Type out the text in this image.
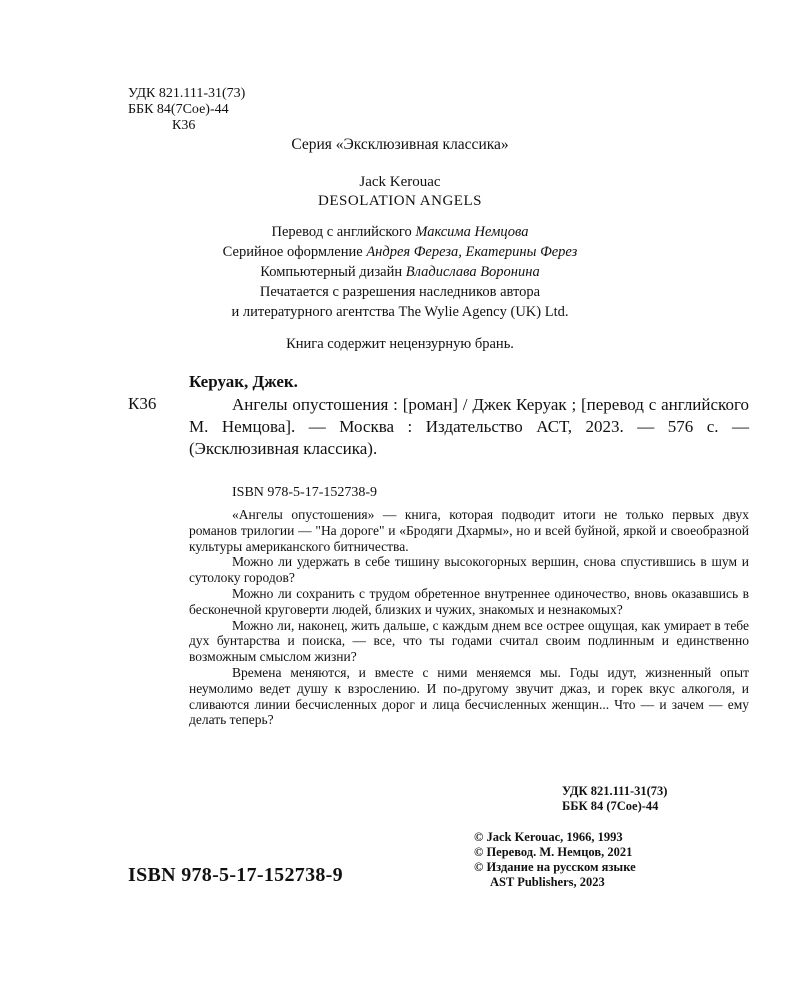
УДК 821.111-31(73)
ББК 84(7Сое)-44
К36
Серия «Эксклюзивная классика»
Jack Kerouac
DESOLATION ANGELS
Перевод с английского Максима Немцова
Серийное оформление Андрея Фереза, Екатерины Ферез
Компьютерный дизайн Владислава Воронина
Печатается с разрешения наследников автора
и литературного агентства The Wylie Agency (UK) Ltd.
Книга содержит нецензурную брань.
Керуак, Джек.
К36	Ангелы опустошения : [роман] / Джек Керуак ; [перевод с английского М. Немцова]. — Москва : Издательство АСТ, 2023. — 576 с. — (Эксклюзивная классика).
ISBN 978-5-17-152738-9

«Ангелы опустошения» — книга, которая подводит итоги не только первых двух романов трилогии — "На дороге" и «Бродяги Дхармы», но и всей буйной, яркой и своеобразной культуры американского битничества.

Можно ли удержать в себе тишину высокогорных вершин, снова спустившись в шум и сутолоку городов?

Можно ли сохранить с трудом обретенное внутреннее одиночество, вновь оказавшись в бесконечной круговерти людей, близких и чужих, знакомых и незнакомых?

Можно ли, наконец, жить дальше, с каждым днем все острее ощущая, как умирает в тебе дух бунтарства и поиска, — все, что ты годами считал своим подлинным и единственно возможным смыслом жизни?

Времена меняются, и вместе с ними меняемся мы. Годы идут, жизненный опыт неумолимо ведет душу к взрослению. И по-другому звучит джаз, и горек вкус алкоголя, и сливаются линии бесчисленных дорог и лица бесчисленных женщин... Что — и зачем — ему делать теперь?

УДК 821.111-31(73)
ББК 84 (7Сое)-44
© Jack Kerouac, 1966, 1993
© Перевод. М. Немцов, 2021
© Издание на русском языке
AST Publishers, 2023
ISBN 978-5-17-152738-9
